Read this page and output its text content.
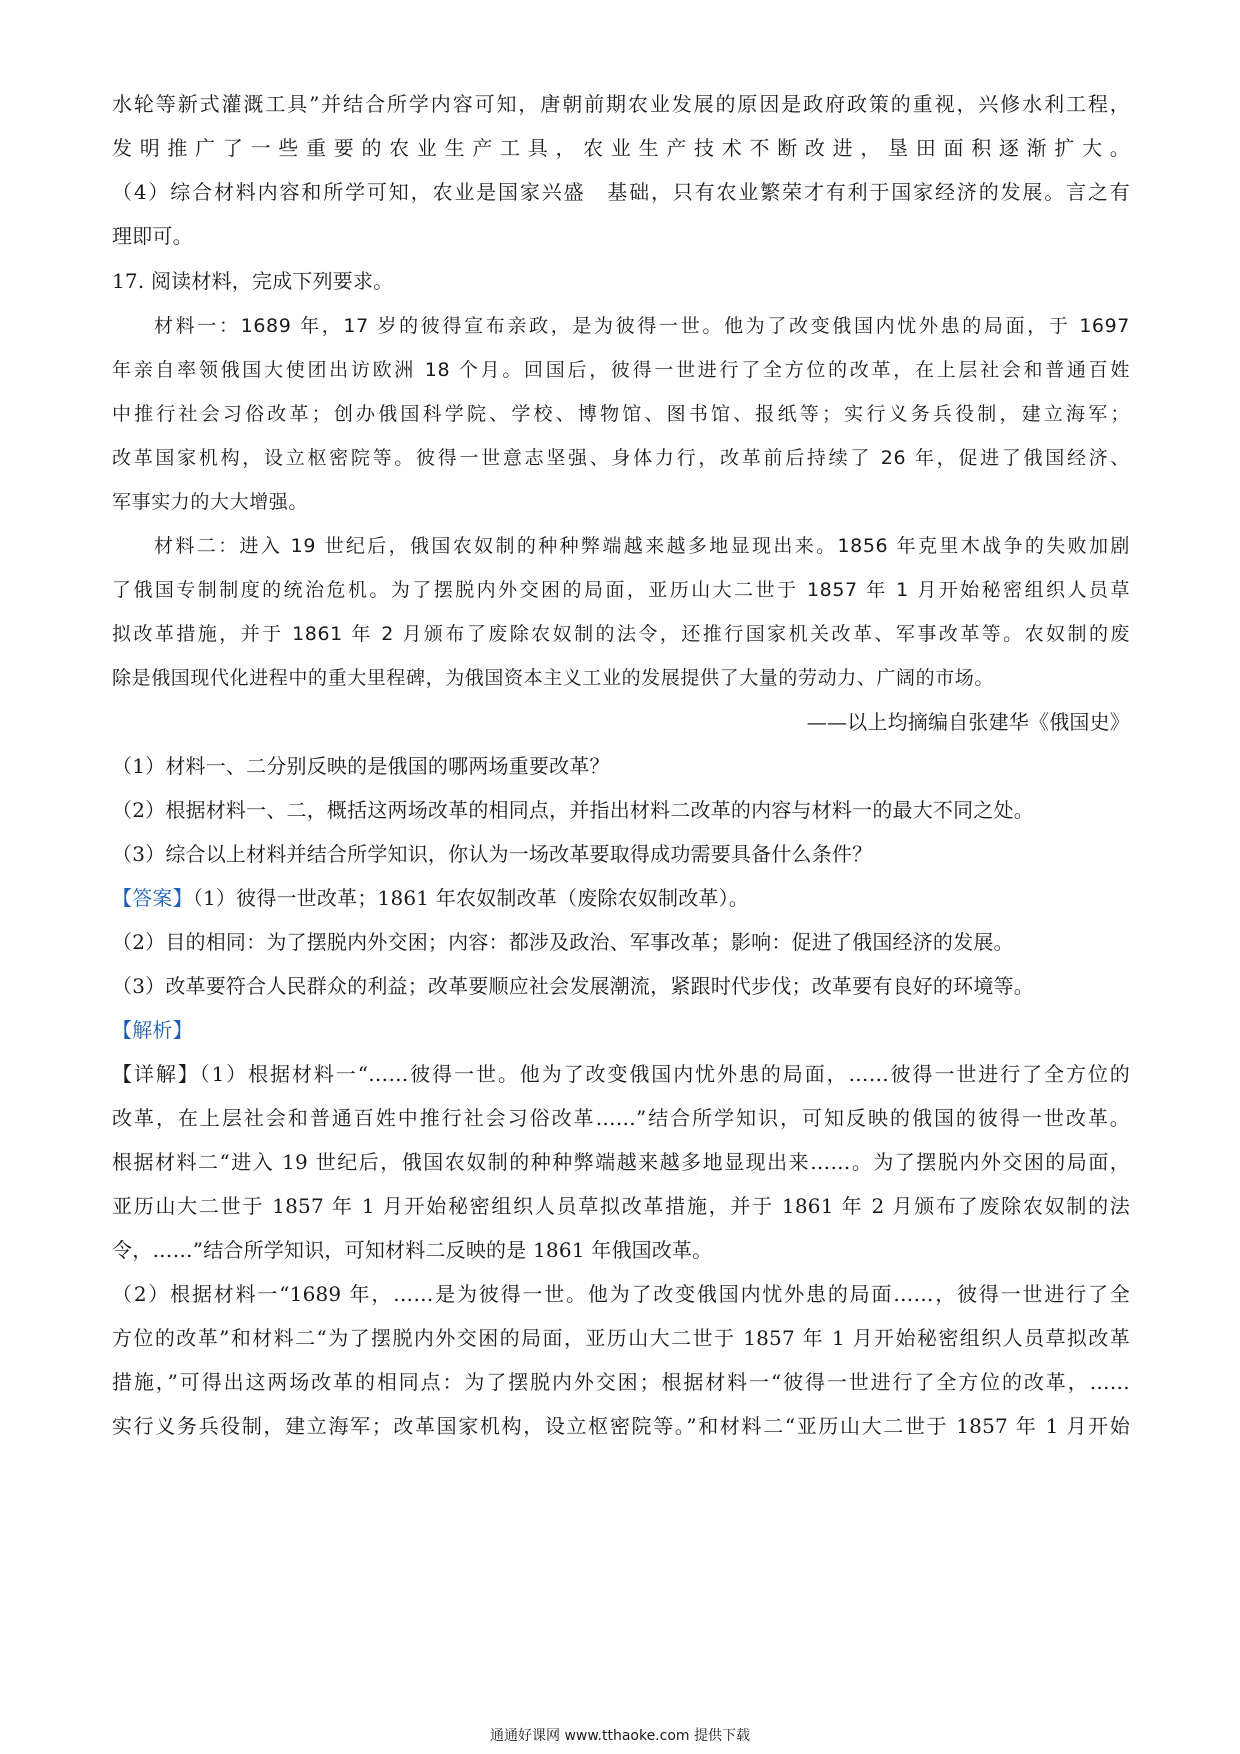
水轮等新式灌溉工具”并结合所学内容可知，唐朝前期农业发展的原因是政府政策的重视，兴修水利工程，
发明推广了一些重要的农业生产工具，农业生产技术不断改进，垦田面积逐渐扩大。
（4）综合材料内容和所学可知，农业是国家兴盛　基础，只有农业繁荣才有利于国家经济的发展。言之有
理即可。
17. 阅读材料，完成下列要求。
材料一：1689 年，17 岁的彼得宣布亲政，是为彼得一世。他为了改变俄国内忧外患的局面，于 1697
年亲自率领俄国大使团出访欧洲 18 个月。回国后，彼得一世进行了全方位的改革，在上层社会和普通百姓
中推行社会习俗改革；创办俄国科学院、学校、博物馆、图书馆、报纸等；实行义务兵役制，建立海军；
改革国家机构，设立枢密院等。彼得一世意志坚强、身体力行，改革前后持续了 26 年，促进了俄国经济、
军事实力的大大增强。
材料二：进入 19 世纪后，俄国农奴制的种种弊端越来越多地显现出来。1856 年克里木战争的失败加剧
了俄国专制制度的统治危机。为了摆脱内外交困的局面，亚历山大二世于 1857 年 1 月开始秘密组织人员草
拟改革措施，并于 1861 年 2 月颁布了废除农奴制的法令，还推行国家机关改革、军事改革等。农奴制的废
除是俄国现代化进程中的重大里程碑，为俄国资本主义工业的发展提供了大量的劳动力、广阔的市场。
——以上均摘编自张建华《俄国史》
（1）材料一、二分别反映的是俄国的哪两场重要改革？
（2）根据材料一、二，概括这两场改革的相同点，并指出材料二改革的内容与材料一的最大不同之处。
（3）综合以上材料并结合所学知识，你认为一场改革要取得成功需要具备什么条件？
【答案】（1）彼得一世改革；1861 年农奴制改革（废除农奴制改革）。
（2）目的相同：为了摆脱内外交困；内容：都涉及政治、军事改革；影响：促进了俄国经济的发展。
（3）改革要符合人民群众的利益；改革要顺应社会发展潮流，紧跟时代步伐；改革要有良好的环境等。
【解析】
【详解】（1）根据材料一“……彼得一世。他为了改变俄国内忧外患的局面，……彼得一世进行了全方位的
改革，在上层社会和普通百姓中推行社会习俗改革……”结合所学知识，可知反映的俄国的彼得一世改革。
根据材料二“进入 19 世纪后，俄国农奴制的种种弊端越来越多地显现出来……。为了摆脱内外交困的局面，
亚历山大二世于 1857 年 1 月开始秘密组织人员草拟改革措施，并于 1861 年 2 月颁布了废除农奴制的法
令，……”结合所学知识，可知材料二反映的是 1861 年俄国改革。
（2）根据材料一“1689 年，……是为彼得一世。他为了改变俄国内忧外患的局面……，彼得一世进行了全
方位的改革”和材料二“为了摆脱内外交困的局面，亚历山大二世于 1857 年 1 月开始秘密组织人员草拟改革
措施，”可得出这两场改革的相同点：为了摆脱内外交困；根据材料一“彼得一世进行了全方位的改革，……
实行义务兵役制，建立海军；改革国家机构，设立枢密院等。”和材料二“亚历山大二世于 1857 年 1 月开始
通通好课网 www.tthaoke.com 提供下载
